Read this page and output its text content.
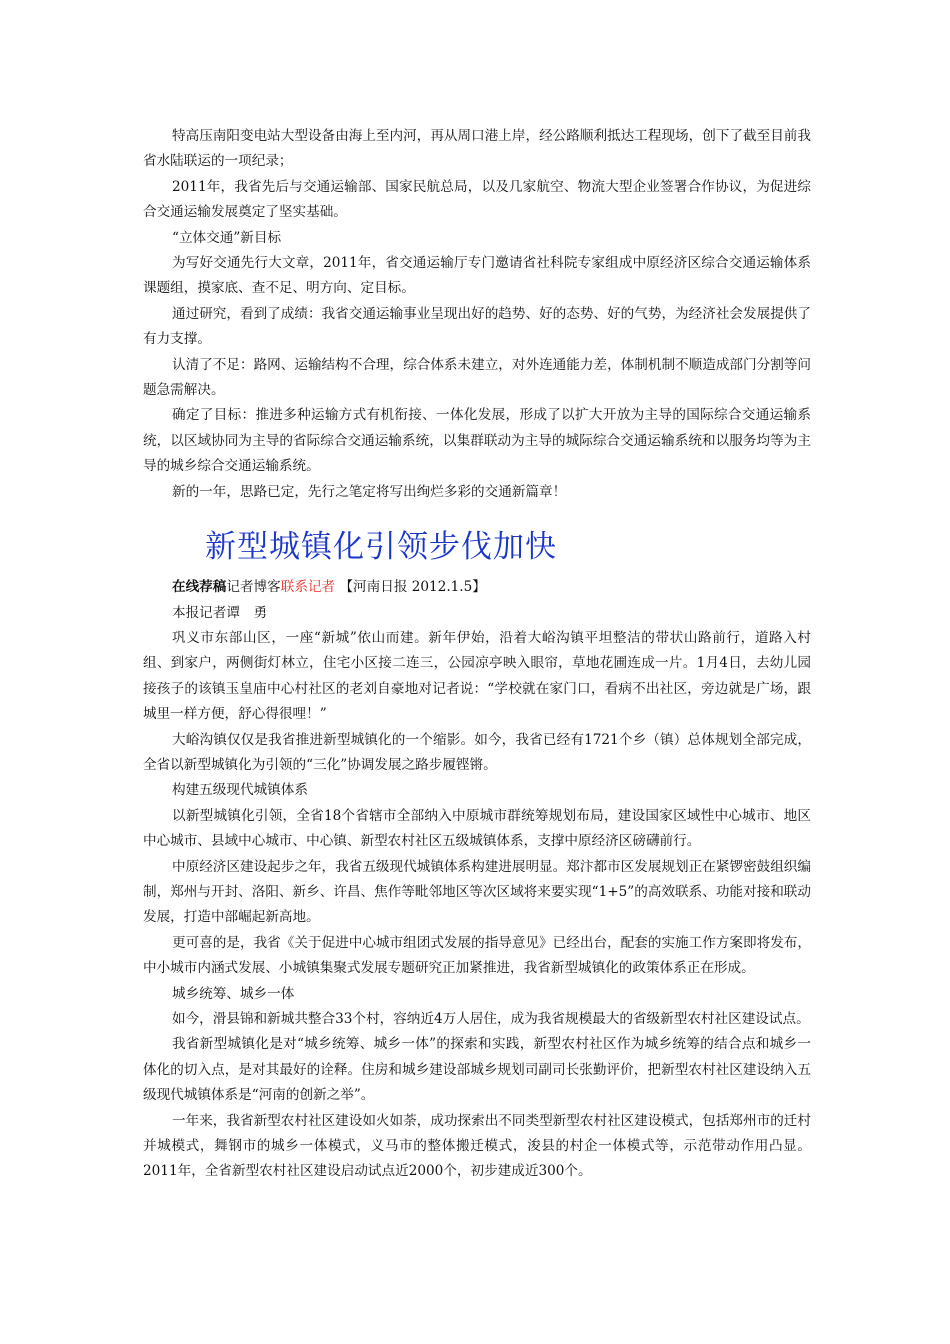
特高压南阳变电站大型设备由海上至内河，再从周口港上岸，经公路顺利抵达工程现场，创下了截至目前我省水陆联运的一项纪录；

2011年，我省先后与交通运输部、国家民航总局，以及几家航空、物流大型企业签署合作协议，为促进综合交通运输发展奠定了坚实基础。

“立体交通”新目标

为写好交通先行大文章，2011年，省交通运输厅专门邀请省社科院专家组成中原经济区综合交通运输体系课题组，摸家底、查不足、明方向、定目标。

通过研究，看到了成绩：我省交通运输事业呈现出好的趋势、好的态势、好的气势，为经济社会发展提供了有力支撑。

认清了不足：路网、运输结构不合理，综合体系未建立，对外连通能力差，体制机制不顺造成部门分割等问题急需解决。

确定了目标：推进多种运输方式有机衔接、一体化发展，形成了以扩大开放为主导的国际综合交通运输系统，以区域协同为主导的省际综合交通运输系统，以集群联动为主导的城际综合交通运输系统和以服务均等为主导的城乡综合交通运输系统。

新的一年，思路已定，先行之笔定将写出绚烂多彩的交通新篇章！

新型城镇化引领步伐加快

在线荐稿记者博客联系记者 【河南日报 2012.1.5】

本报记者谭　勇

巩义市东部山区，一座“新城”依山而建。新年伊始，沿着大峪沟镇平坦整洁的带状山路前行，道路入村组、到家户，两侧街灯林立，住宅小区接二连三，公园凉亭映入眼帘，草地花圃连成一片。1月4日，去幼儿园接孩子的该镇玉皇庙中心村社区的老刘自豪地对记者说：“学校就在家门口，看病不出社区，旁边就是广场，跟城里一样方便，舒心得很哩！”

大峪沟镇仅仅是我省推进新型城镇化的一个缩影。如今，我省已经有1721个乡（镇）总体规划全部完成，全省以新型城镇化为引领的“三化”协调发展之路步履铿锵。

构建五级现代城镇体系

以新型城镇化引领，全省18个省辖市全部纳入中原城市群统筹规划布局，建设国家区域性中心城市、地区中心城市、县域中心城市、中心镇、新型农村社区五级城镇体系，支撑中原经济区磅礴前行。

中原经济区建设起步之年，我省五级现代城镇体系构建进展明显。郑汴都市区发展规划正在紧锣密鼓组织编制，郑州与开封、洛阳、新乡、许昌、焦作等毗邻地区等次区域将来要实现“1+5”的高效联系、功能对接和联动发展，打造中部崛起新高地。

更可喜的是，我省《关于促进中心城市组团式发展的指导意见》已经出台，配套的实施工作方案即将发布，中小城市内涵式发展、小城镇集聚式发展专题研究正加紧推进，我省新型城镇化的政策体系正在形成。

城乡统筹、城乡一体

如今，滑县锦和新城共整合33个村，容纳近4万人居住，成为我省规模最大的省级新型农村社区建设试点。

我省新型城镇化是对“城乡统筹、城乡一体”的探索和实践，新型农村社区作为城乡统筹的结合点和城乡一体化的切入点，是对其最好的诠释。住房和城乡建设部城乡规划司副司长张勤评价，把新型农村社区建设纳入五级现代城镇体系是“河南的创新之举”。

一年来，我省新型农村社区建设如火如荼，成功探索出不同类型新型农村社区建设模式，包括郑州市的迁村并城模式，舞钢市的城乡一体模式，义马市的整体搬迁模式，浚县的村企一体模式等，示范带动作用凸显。2011年，全省新型农村社区建设启动试点近2000个，初步建成近300个。
